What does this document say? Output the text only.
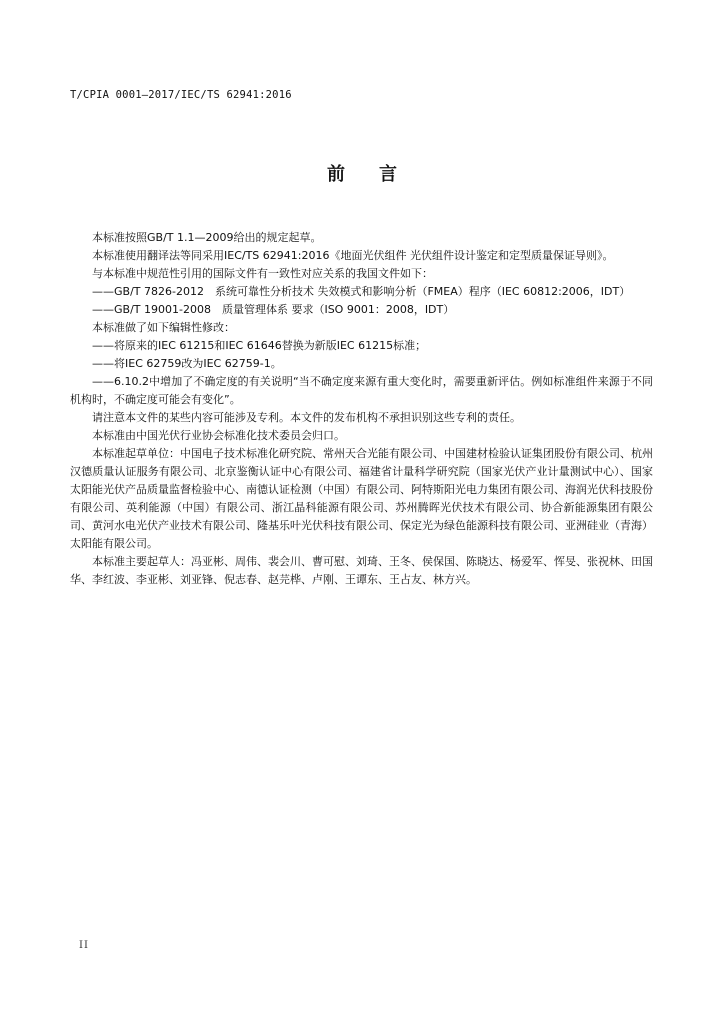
T/CPIA 0001—2017/IEC/TS 62941:2016
前言

本标准按照GB/T 1.1—2009给出的规定起草。

本标准使用翻译法等同采用IEC/TS 62941:2016《地面光伏组件 光伏组件设计鉴定和定型质量保证导则》。

与本标准中规范性引用的国际文件有一致性对应关系的我国文件如下：

——GB/T 7826-2012　系统可靠性分析技术 失效模式和影响分析（FMEA）程序（IEC 60812:2006，IDT）

——GB/T 19001-2008　质量管理体系 要求（ISO 9001：2008，IDT）

本标准做了如下编辑性修改：

——将原来的IEC 61215和IEC 61646替换为新版IEC 61215标准；

——将IEC 62759改为IEC 62759-1。

——6.10.2中增加了不确定度的有关说明“当不确定度来源有重大变化时，需要重新评估。例如标准组件来源于不同机构时，不确定度可能会有变化”。

请注意本文件的某些内容可能涉及专利。本文件的发布机构不承担识别这些专利的责任。

本标准由中国光伏行业协会标准化技术委员会归口。

本标准起草单位：中国电子技术标准化研究院、常州天合光能有限公司、中国建材检验认证集团股份有限公司、杭州汉德质量认证服务有限公司、北京鉴衡认证中心有限公司、福建省计量科学研究院（国家光伏产业计量测试中心）、国家太阳能光伏产品质量监督检验中心、南德认证检测（中国）有限公司、阿特斯阳光电力集团有限公司、海润光伏科技股份有限公司、英利能源（中国）有限公司、浙江晶科能源有限公司、苏州腾晖光伏技术有限公司、协合新能源集团有限公司、黄河水电光伏产业技术有限公司、隆基乐叶光伏科技有限公司、保定光为绿色能源科技有限公司、亚洲硅业（青海）太阳能有限公司。

本标准主要起草人：冯亚彬、周伟、裴会川、曹可慰、刘琦、王冬、侯保国、陈晓达、杨爱军、恽旻、张祝林、田国华、李红波、李亚彬、刘亚锋、倪志春、赵芫桦、卢刚、王谭东、王占友、林方兴。

II
